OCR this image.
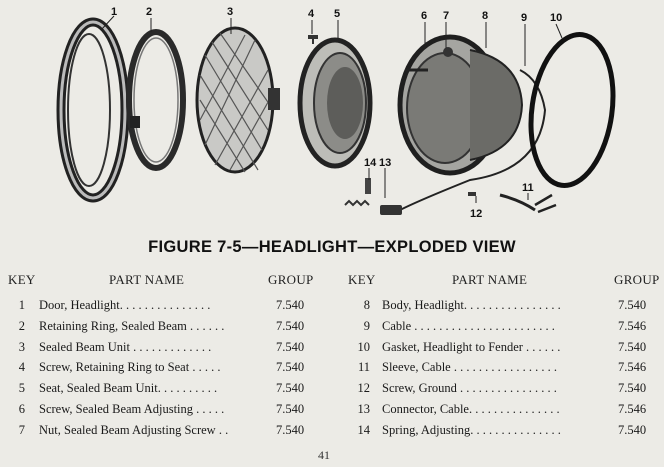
1	2	3	4 5	6 7	8	9 10
11
12
13
14
FIGURE 7-5—HEADLIGHT—EXPLODED VIEW
KEY	PART NAME	GROUP	KEY	PART NAME	GROUP
41
1 Door, Headlight. . . . . . . . . . . . . . .	7.540
2 Retaining Ring, Sealed Beam . . . . . .	7.540
3 Sealed Beam Unit . . . . . . . . . . . . .	7.540
4 Screw, Retaining Ring to Seat . . . . .	7.540
5 Seat, Sealed Beam Unit. . . . . . . . . .	7.540
6 Screw, Sealed Beam Adjusting . . . . .	7.540
7 Nut, Sealed Beam Adjusting Screw . .	7.540
8 Body, Headlight. . . . . . . . . . . . . . . .	7.540
9 Cable . . . . . . . . . . . . . . . . . . . . . . .	7.546
10 Gasket, Headlight to Fender . . . . . .	7.540
11 Sleeve, Cable . . . . . . . . . . . . . . . . .	7.546
12 Screw, Ground . . . . . . . . . . . . . . . .	7.540
13 Connector, Cable. . . . . . . . . . . . . . .	7.546
14 Spring, Adjusting. . . . . . . . . . . . . . .	7.540
